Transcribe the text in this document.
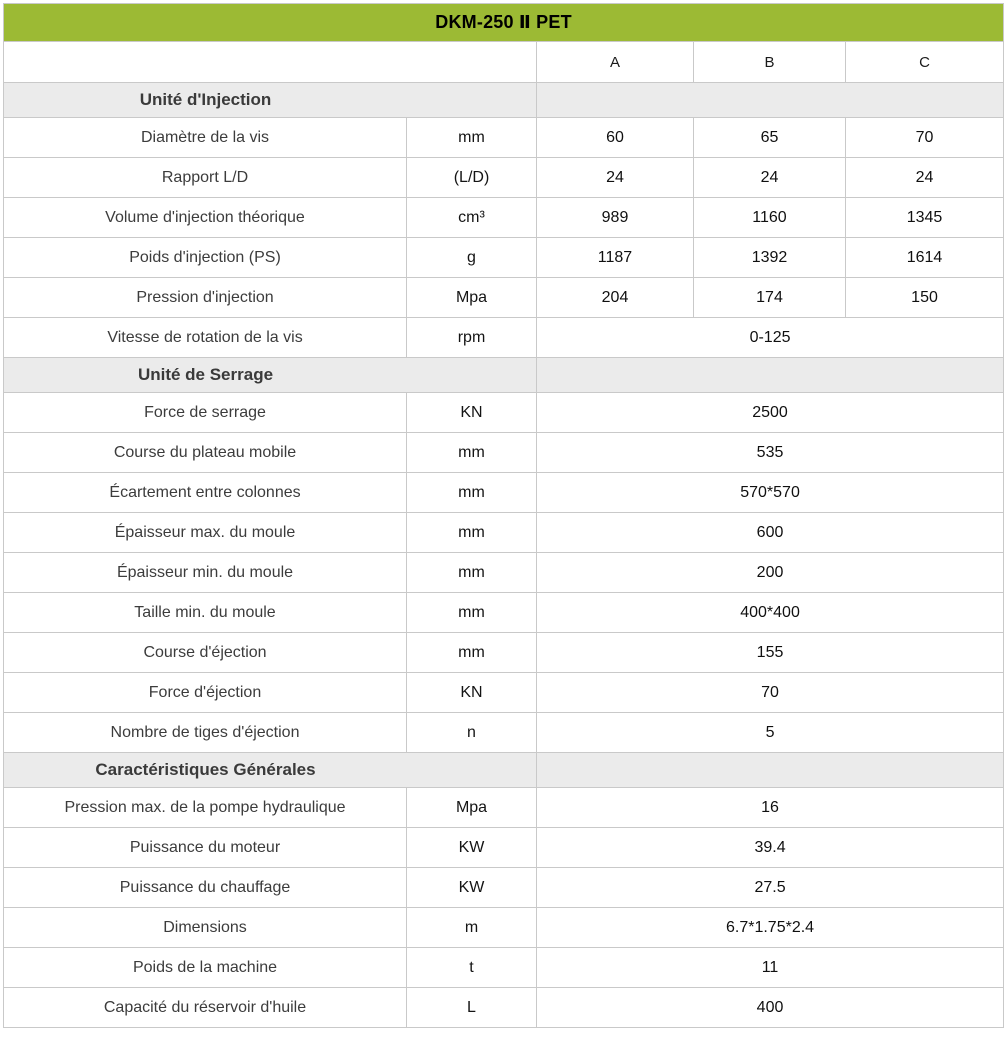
DKM-250 Ⅱ PET				
		A	B	C

Unité d'Injection				

Diamètre de la vis	mm	60	65	70
Rapport L/D	(L/D)	24	24	24
Volume d'injection théorique	cm³	989	1160	1345
Poids d'injection (PS)	g	1187	1392	1614
Pression d'injection	Mpa	204	174	150
Vitesse de rotation de la vis	rpm	0-125		

Unité de Serrage				

Force de serrage	KN	2500		
Course du plateau mobile	mm	535		
Écartement entre colonnes	mm	570*570		
Épaisseur max. du moule	mm	600		
Épaisseur min. du moule	mm	200		
Taille min. du moule	mm	400*400		
Course d'éjection	mm	155		
Force d'éjection	KN	70		
Nombre de tiges d'éjection	n	5		

Caractéristiques Générales				

Pression max. de la pompe hydraulique	Mpa	16		
Puissance du moteur	KW	39.4		
Puissance du chauffage	KW	27.5		
Dimensions	m	6.7*1.75*2.4		
Poids de la machine	t	11		
Capacité du réservoir d'huile	L	400		
